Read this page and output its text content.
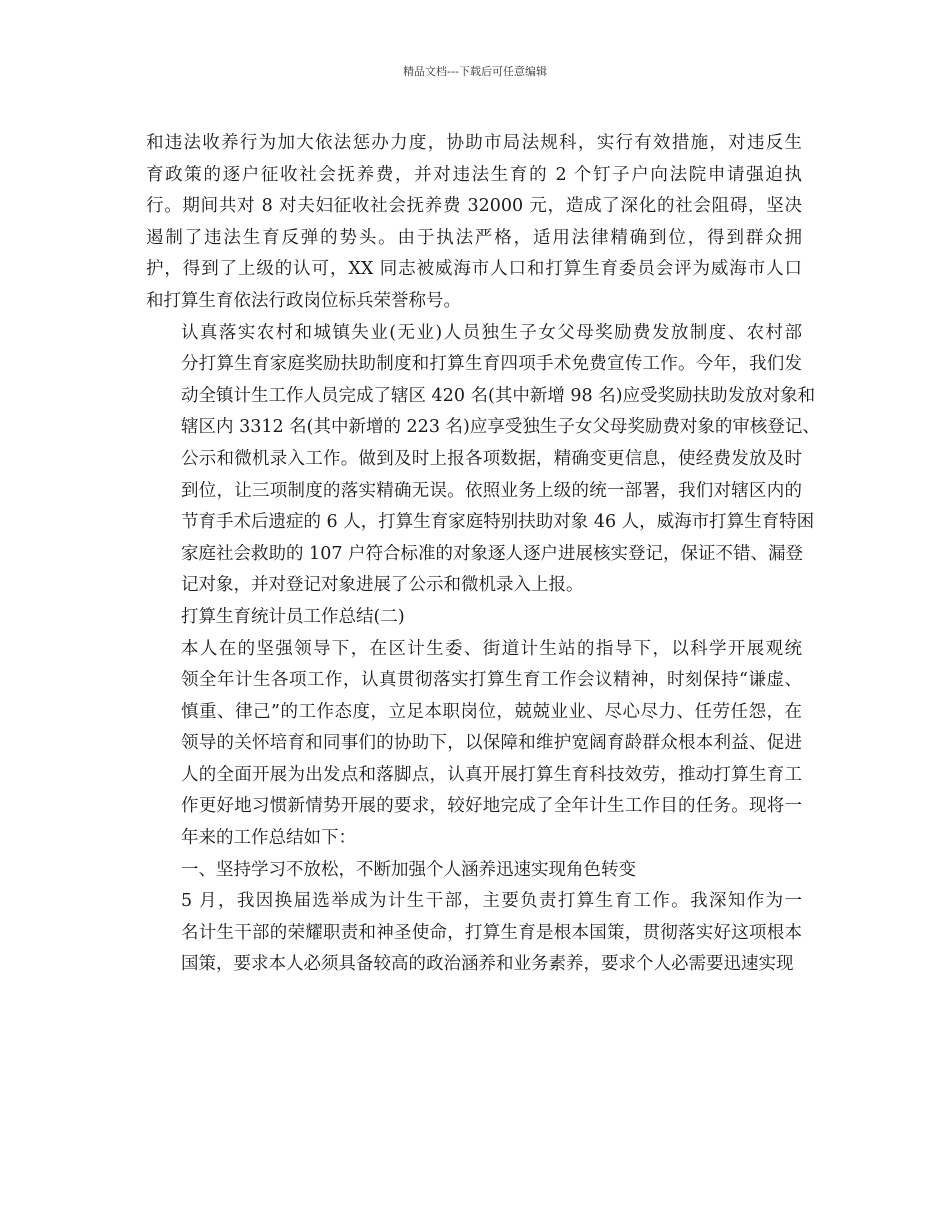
精品文档---下载后可任意编辑

和违法收养行为加大依法惩办力度，协助市局法规科，实行有效措施，对违反生
育政策的逐户征收社会抚养费，并对违法生育的 2 个钉子户向法院申请强迫执
行。期间共对 8 对夫妇征收社会抚养费 32000 元，造成了深化的社会阻碍，坚决
遏制了违法生育反弹的势头。由于执法严格，适用法律精确到位，得到群众拥
护，得到了上级的认可，XX 同志被威海市人口和打算生育委员会评为威海市人口
和打算生育依法行政岗位标兵荣誉称号。

认真落实农村和城镇失业(无业)人员独生子女父母奖励费发放制度、农村部
分打算生育家庭奖励扶助制度和打算生育四项手术免费宣传工作。今年，我们发
动全镇计生工作人员完成了辖区 420 名(其中新增 98 名)应受奖励扶助发放对象和
辖区内 3312 名(其中新增的 223 名)应享受独生子女父母奖励费对象的审核登记、
公示和微机录入工作。做到及时上报各项数据，精确变更信息，使经费发放及时
到位，让三项制度的落实精确无误。依照业务上级的统一部署，我们对辖区内的
节育手术后遗症的 6 人，打算生育家庭特别扶助对象 46 人，威海市打算生育特困
家庭社会救助的 107 户符合标准的对象逐人逐户进展核实登记，保证不错、漏登
记对象，并对登记对象进展了公示和微机录入上报。

打算生育统计员工作总结(二)

本人在的坚强领导下，在区计生委、街道计生站的指导下，以科学开展观统
领全年计生各项工作，认真贯彻落实打算生育工作会议精神，时刻保持“谦虚、
慎重、律己”的工作态度，立足本职岗位，兢兢业业、尽心尽力、任劳任怨，在
领导的关怀培育和同事们的协助下，以保障和维护宽阔育龄群众根本利益、促进
人的全面开展为出发点和落脚点，认真开展打算生育科技效劳，推动打算生育工
作更好地习惯新情势开展的要求，较好地完成了全年计生工作目的任务。现将一
年来的工作总结如下：

一、坚持学习不放松，不断加强个人涵养迅速实现角色转变

5 月，我因换届选举成为计生干部，主要负责打算生育工作。我深知作为一
名计生干部的荣耀职责和神圣使命，打算生育是根本国策，贯彻落实好这项根本
国策，要求本人必须具备较高的政治涵养和业务素养，要求个人必需要迅速实现
